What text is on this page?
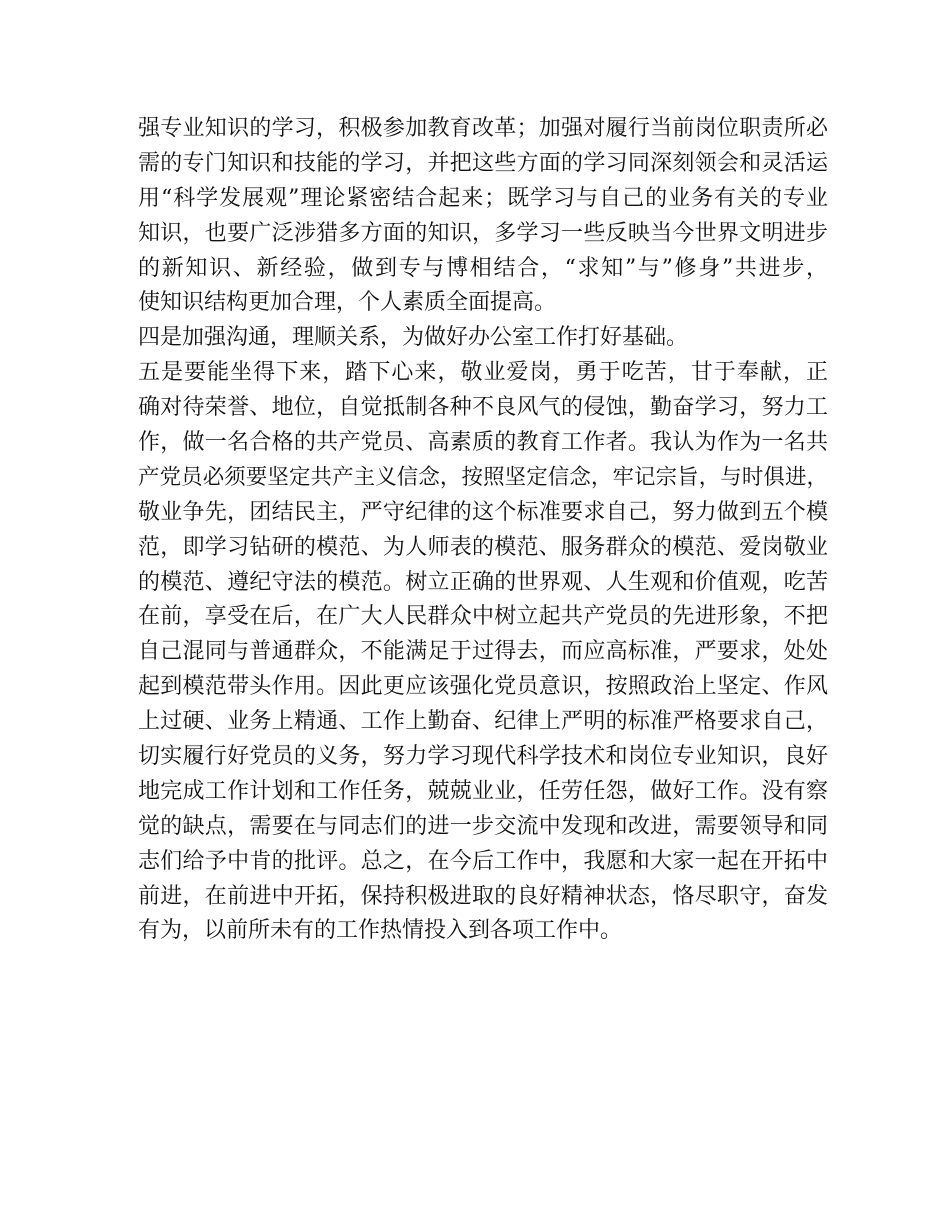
强专业知识的学习，积极参加教育改革；加强对履行当前岗位职责所必
需的专门知识和技能的学习，并把这些方面的学习同深刻领会和灵活运
用“科学发展观”理论紧密结合起来；既学习与自己的业务有关的专业
知识，也要广泛涉猎多方面的知识，多学习一些反映当今世界文明进步
的新知识、新经验，做到专与博相结合，“求知”与”修身”共进步，
使知识结构更加合理，个人素质全面提高。
四是加强沟通，理顺关系，为做好办公室工作打好基础。
五是要能坐得下来，踏下心来，敬业爱岗，勇于吃苦，甘于奉献，正
确对待荣誉、地位，自觉抵制各种不良风气的侵蚀，勤奋学习，努力工
作，做一名合格的共产党员、高素质的教育工作者。我认为作为一名共
产党员必须要坚定共产主义信念，按照坚定信念，牢记宗旨，与时俱进，
敬业争先，团结民主，严守纪律的这个标准要求自己，努力做到五个模
范，即学习钻研的模范、为人师表的模范、服务群众的模范、爱岗敬业
的模范、遵纪守法的模范。树立正确的世界观、人生观和价值观，吃苦
在前，享受在后，在广大人民群众中树立起共产党员的先进形象，不把
自己混同与普通群众，不能满足于过得去，而应高标准，严要求，处处
起到模范带头作用。因此更应该强化党员意识，按照政治上坚定、作风
上过硬、业务上精通、工作上勤奋、纪律上严明的标准严格要求自己，
切实履行好党员的义务，努力学习现代科学技术和岗位专业知识，良好
地完成工作计划和工作任务，兢兢业业，任劳任怨，做好工作。没有察
觉的缺点，需要在与同志们的进一步交流中发现和改进，需要领导和同
志们给予中肯的批评。总之，在今后工作中，我愿和大家一起在开拓中
前进，在前进中开拓，保持积极进取的良好精神状态，恪尽职守，奋发
有为，以前所未有的工作热情投入到各项工作中。
